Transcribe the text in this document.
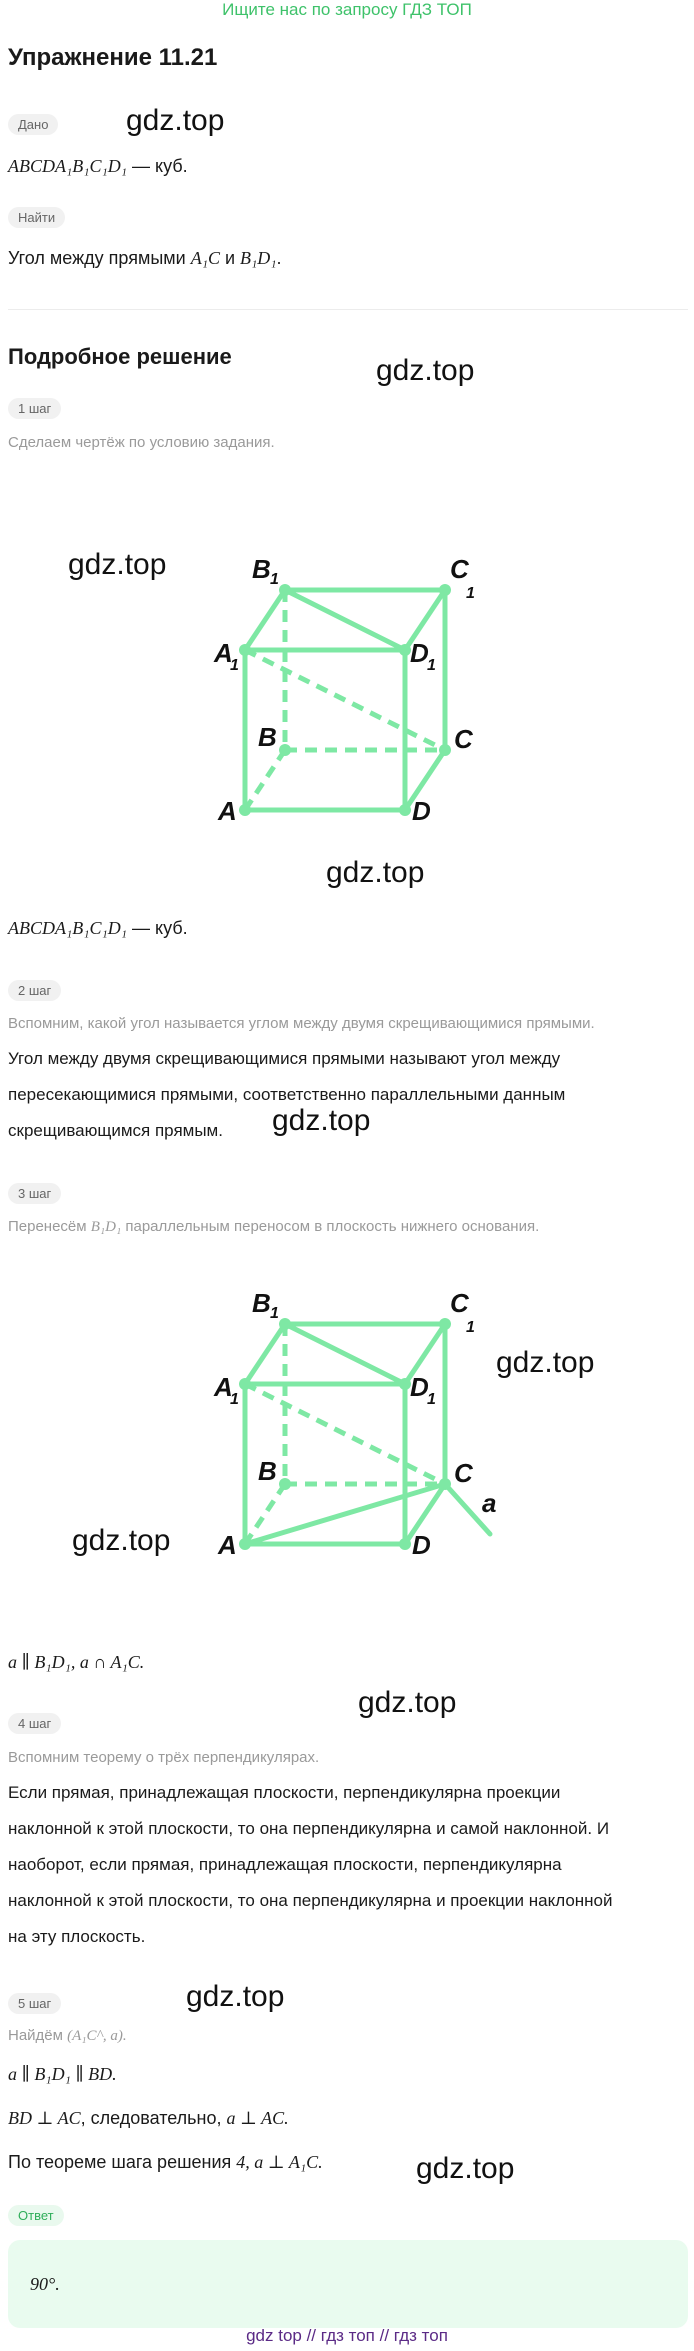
Ищите нас по запросу ГДЗ ТОП
Упражнение 11.21
Дано	gdz.top
ABCDA₁B₁C₁D₁ — куб.
Найти
Угол между прямыми A₁C и B₁D₁.
Подробное решение	gdz.top
1 шаг
Сделаем чертёж по условию задания.
gdz.top
A	D
B	C
A
1	D
1
B 1	C
1
gdz.top
ABCDA₁B₁C₁D₁ — куб.
2 шаг
Вспомним, какой угол называется углом между двумя скрещивающимися прямыми.
Угол между двумя скрещивающимися прямыми называют угол между
пересекающимися прямыми, соответственно параллельными данным
скрещивающимся прямым.	gdz.top
3 шаг
Перенесём B₁D₁ параллельным переносом в плоскость нижнего основания.
A	D
B	C
A
1	D
1
B 1	C
1
a
gdz.top
gdz.top
a ∥ B₁D₁, a ∩ A₁C.
gdz.top
4 шаг
Вспомним теорему о трёх перпендикулярах.
Если прямая, принадлежащая плоскости, перпендикулярна проекции
наклонной к этой плоскости, то она перпендикулярна и самой наклонной. И
наоборот, если прямая, принадлежащая плоскости, перпендикулярна
наклонной к этой плоскости, то она перпендикулярна и проекции наклонной
на эту плоскость.
5 шаг	gdz.top
Найдём (A₁C^, a).
a ∥ B₁D₁ ∥ BD.
BD ⊥ AC, следовательно, a ⊥ AC.
По теореме шага решения 4, a ⊥ A₁C.	gdz.top
Ответ
90°.
gdz top // гдз топ // гдз топ
